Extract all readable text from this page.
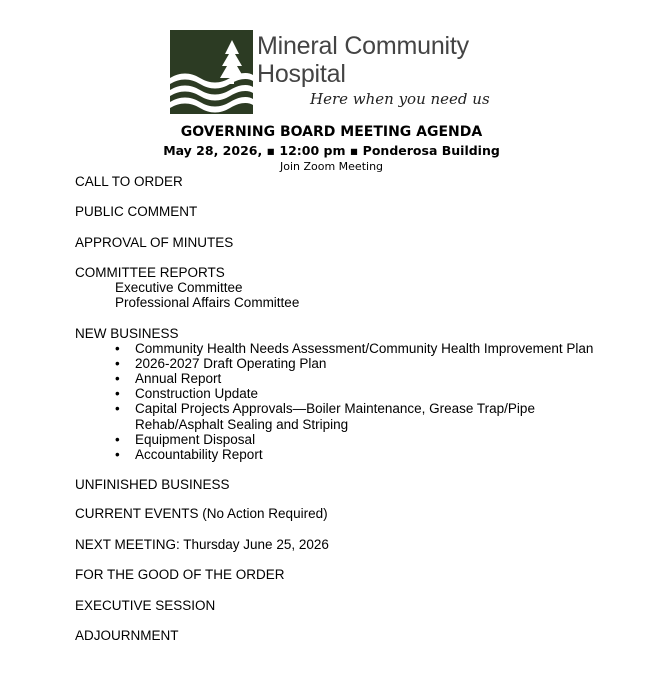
Mineral Community
Hospital
Here when you need us
GOVERNING BOARD MEETING AGENDA
May 28, 2026, ▪ 12:00 pm ▪ Ponderosa Building
Join Zoom Meeting
CALL TO ORDER
PUBLIC COMMENT
APPROVAL OF MINUTES
COMMITTEE REPORTS
Executive Committee
Professional Affairs Committee
NEW BUSINESS
• Community Health Needs Assessment/Community Health Improvement Plan
• 2026-2027 Draft Operating Plan
• Annual Report
• Construction Update
• Capital Projects Approvals—Boiler Maintenance, Grease Trap/Pipe
Rehab/Asphalt Sealing and Striping
• Equipment Disposal
• Accountability Report
UNFINISHED BUSINESS
CURRENT EVENTS (No Action Required)
NEXT MEETING: Thursday June 25, 2026
FOR THE GOOD OF THE ORDER
EXECUTIVE SESSION
ADJOURNMENT
